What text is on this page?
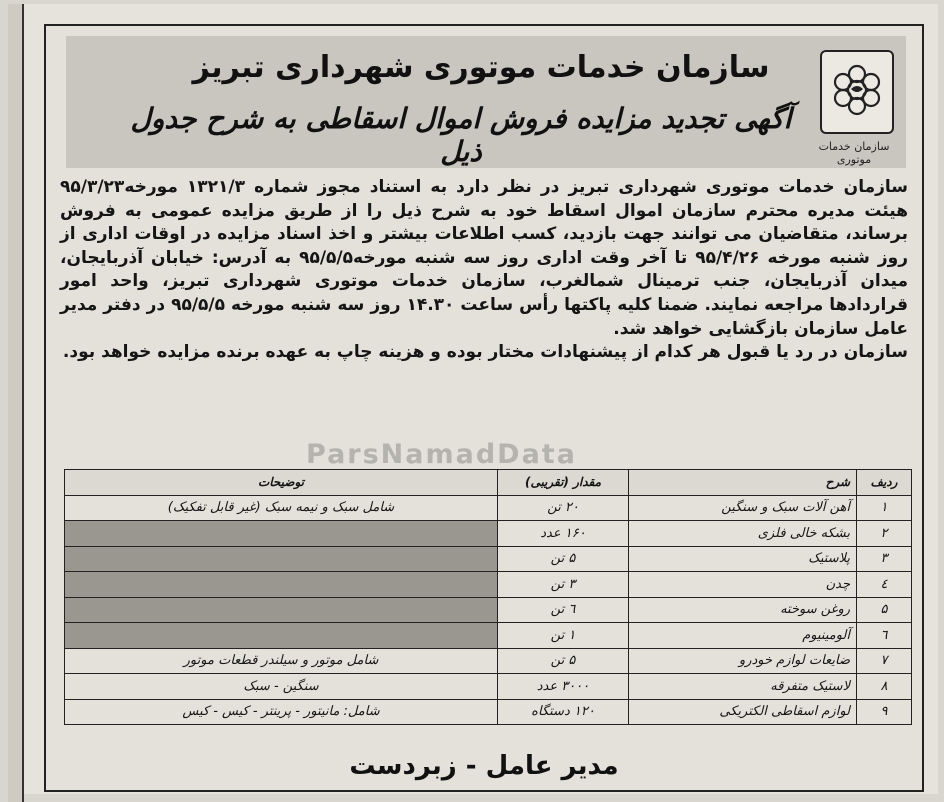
سازمان خدمات موتوری
سازمان خدمات موتوری شهرداری تبریز
آگهی تجدید مزایده فروش اموال اسقاطی به شرح جدول ذیل
سازمان خدمات موتوری شهرداری تبریز در نظر دارد به استناد مجوز شماره ۱۳۲۱/۳ مورخه۹۵/۳/۲۳ هیئت مدیره محترم سازمان اموال اسقاط خود به شرح ذیل را از طریق مزایده عمومی به فروش برساند، متقاضیان می توانند جهت بازدید، کسب اطلاعات بیشتر و اخذ اسناد مزایده در اوقات اداری از روز شنبه مورخه ۹۵/۴/۲۶ تا آخر وقت اداری روز سه شنبه مورخه۹۵/۵/۵ به آدرس: خیابان آذربایجان، میدان آذربایجان، جنب ترمینال شمالغرب، سازمان خدمات موتوری شهرداری تبریز، واحد امور قراردادها مراجعه نمایند. ضمنا کلیه پاکتها رأس ساعت ۱۴.۳۰ روز سه شنبه مورخه ۹۵/۵/۵ در دفتر مدیر عامل سازمان بازگشایی خواهد شد.
سازمان در رد یا قبول هر کدام از پیشنهادات مختار بوده و هزینه چاپ به عهده برنده مزایده خواهد بود.
ParsNamadData
ردیف	شرح	مقدار (تقریبی)	توضیحات
۱	آهن آلات سبک و سنگین	۲۰ تن	شامل سبک و نیمه سبک (غیر قابل تفکیک)
۲	بشکه خالی فلزی	۱۶۰ عدد	
۳	پلاستیک	۵ تن	
٤	چدن	۳ تن	
۵	روغن سوخته	٦ تن	
٦	آلومینیوم	۱ تن	
۷	ضایعات لوازم خودرو	۵ تن	شامل موتور و سیلندر قطعات موتور
۸	لاستیک متفرقه	۳۰۰۰ عدد	سنگین - سبک
۹	لوازم اسقاطی الکتریکی	۱۲۰ دستگاه	شامل: مانیتور - پرینتر - کیس - کیس
مدیر عامل - زبردست
